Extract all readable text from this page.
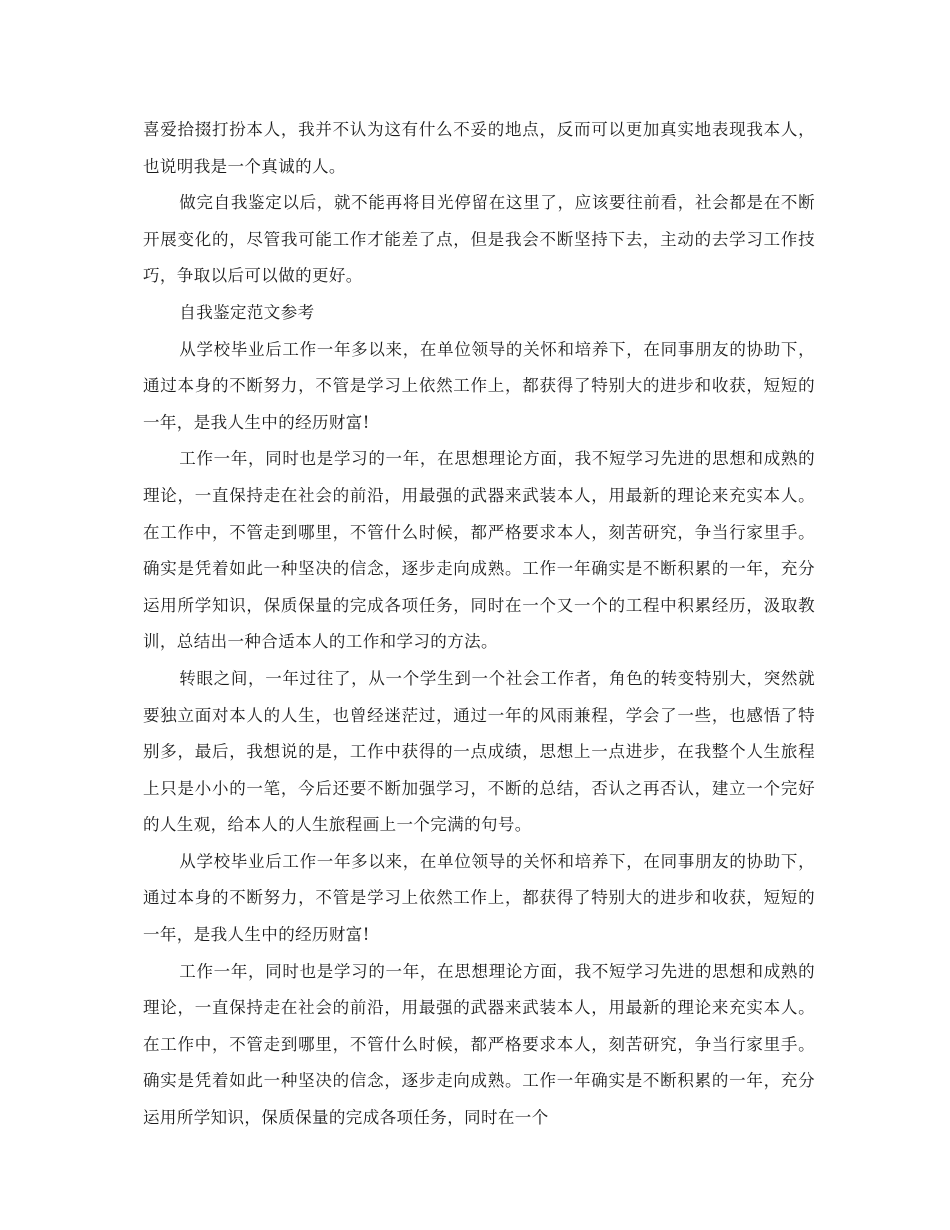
喜爱拾掇打扮本人，我并不认为这有什么不妥的地点，反而可以更加真实地表现我本人，也说明我是一个真诚的人。

做完自我鉴定以后，就不能再将目光停留在这里了，应该要往前看，社会都是在不断开展变化的，尽管我可能工作才能差了点，但是我会不断坚持下去，主动的去学习工作技巧，争取以后可以做的更好。

自我鉴定范文参考

从学校毕业后工作一年多以来，在单位领导的关怀和培养下，在同事朋友的协助下，通过本身的不断努力，不管是学习上依然工作上，都获得了特别大的进步和收获，短短的一年，是我人生中的经历财富!

工作一年，同时也是学习的一年，在思想理论方面，我不短学习先进的思想和成熟的理论，一直保持走在社会的前沿，用最强的武器来武装本人，用最新的理论来充实本人。在工作中，不管走到哪里，不管什么时候，都严格要求本人，刻苦研究，争当行家里手。确实是凭着如此一种坚决的信念，逐步走向成熟。工作一年确实是不断积累的一年，充分运用所学知识，保质保量的完成各项任务，同时在一个又一个的工程中积累经历，汲取教训，总结出一种合适本人的工作和学习的方法。

转眼之间，一年过往了，从一个学生到一个社会工作者，角色的转变特别大，突然就要独立面对本人的人生，也曾经迷茫过，通过一年的风雨兼程，学会了一些，也感悟了特别多，最后，我想说的是，工作中获得的一点成绩，思想上一点进步，在我整个人生旅程上只是小小的一笔，今后还要不断加强学习，不断的总结，否认之再否认，建立一个完好的人生观，给本人的人生旅程画上一个完满的句号。

从学校毕业后工作一年多以来，在单位领导的关怀和培养下，在同事朋友的协助下，通过本身的不断努力，不管是学习上依然工作上，都获得了特别大的进步和收获，短短的一年，是我人生中的经历财富!

工作一年，同时也是学习的一年，在思想理论方面，我不短学习先进的思想和成熟的理论，一直保持走在社会的前沿，用最强的武器来武装本人，用最新的理论来充实本人。在工作中，不管走到哪里，不管什么时候，都严格要求本人，刻苦研究，争当行家里手。确实是凭着如此一种坚决的信念，逐步走向成熟。工作一年确实是不断积累的一年，充分运用所学知识，保质保量的完成各项任务，同时在一个
